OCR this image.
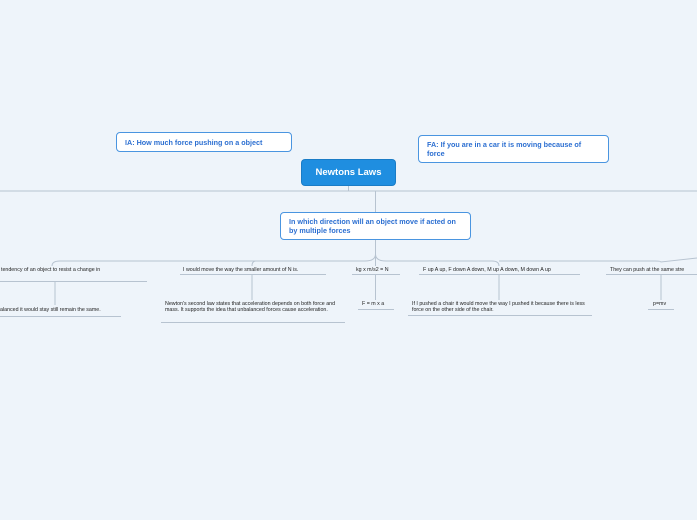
Newtons Laws
IA: How much force pushing on a object	FA: If you are in a car it is moving because of force
In which direction will an object move if acted on by multiple forces
tendency of an object to resist a change in
alanced it would stay still remain the same.
I would move the way the smaller amount of N is.
Newton's second law states that acceleration depends on both force and mass. It supports the idea that unbalanced forces cause acceleration.
kg x m/s2 = N
F = m x a
F up A up, F down A down, M up A down, M down A up
If I pushed a chair it would move the way I pushed it because there is less force on the other side of the chair.
They can push at the same stre
p=mv
